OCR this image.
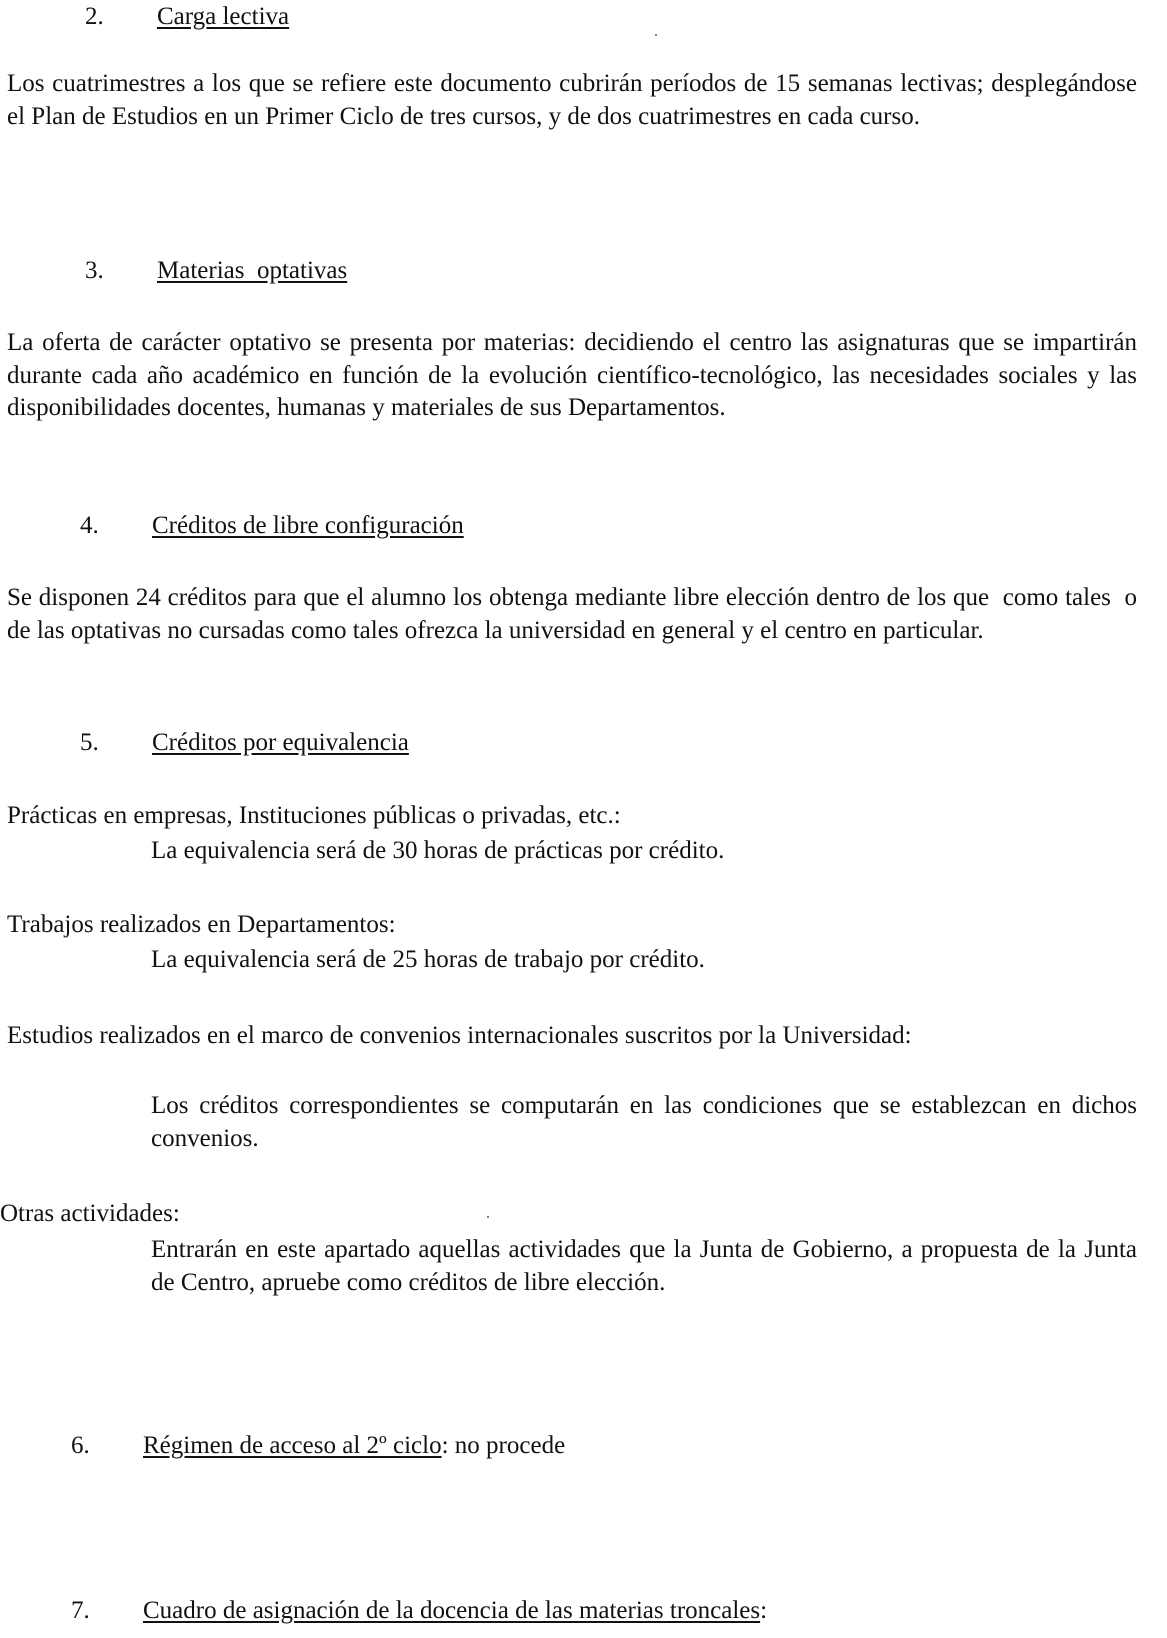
2. Carga lectiva

Los cuatrimestres a los que se refiere este documento cubrirán períodos de 15 semanas lectivas; desplegándose el Plan de Estudios en un Primer Ciclo de tres cursos, y de dos cuatrimestres en cada curso.

3. Materias  optativas

La oferta de carácter optativo se presenta por materias: decidiendo el centro las asignaturas que se impartirán durante cada año académico en función de la evolución científico-tecnológico, las necesidades sociales y las disponibilidades docentes, humanas y materiales de sus Departamentos.

4. Créditos de libre configuración

Se disponen 24 créditos para que el alumno los obtenga mediante libre elección dentro de los que  como tales  o de las optativas no cursadas como tales ofrezca la universidad en general y el centro en particular.

5. Créditos por equivalencia

Prácticas en empresas, Instituciones públicas o privadas, etc.:

La equivalencia será de 30 horas de prácticas por crédito.

Trabajos realizados en Departamentos:

La equivalencia será de 25 horas de trabajo por crédito.

Estudios realizados en el marco de convenios internacionales suscritos por la Universidad:

Los créditos correspondientes se computarán en las condiciones que se establezcan en dichos convenios.

Otras actividades:

Entrarán en este apartado aquellas actividades que la Junta de Gobierno, a propuesta de la Junta de Centro, apruebe como créditos de libre elección.

6. Régimen de acceso al 2º ciclo: no procede
7. Cuadro de asignación de la docencia de las materias troncales:
